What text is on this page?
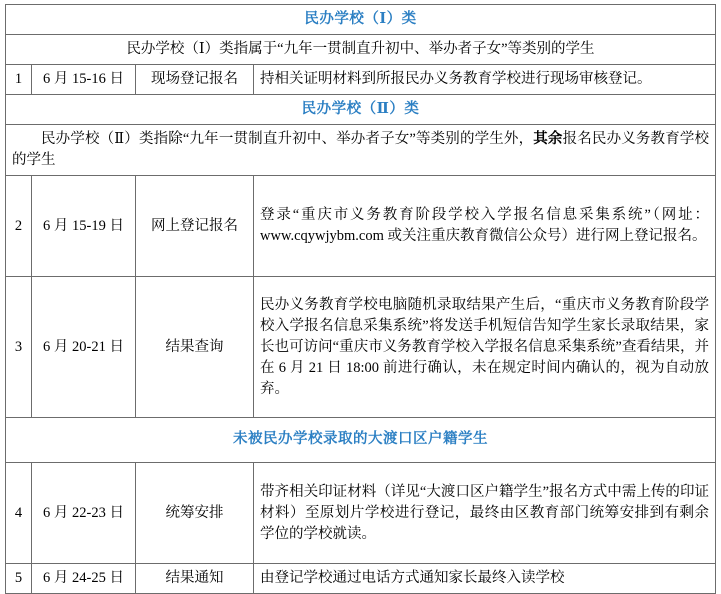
民办学校（Ⅰ）类			
民办学校（Ⅰ）类指属于“九年一贯制直升初中、举办者子女”等类别的学生			
1	6 月 15-16 日	现场登记报名	持相关证明材料到所报民办义务教育学校进行现场审核登记。
民办学校（Ⅱ）类			

民办学校（Ⅱ）类指除“九年一贯制直升初中、举办者子女”等类别的学生外，其余报名民办义务教育学校的学生			

2	6 月 15-19 日	网上登记报名	登录“重庆市义务教育阶段学校入学报名信息采集系统”（网址：www.cqywjybm.com 或关注重庆教育微信公众号）进行网上登记报名。
3	6 月 20-21 日	结果查询	民办义务教育学校电脑随机录取结果产生后，“重庆市义务教育阶段学校入学报名信息采集系统”将发送手机短信告知学生家长录取结果，家长也可访问“重庆市义务教育学校入学报名信息采集系统”查看结果，并在 6 月 21 日 18:00 前进行确认，未在规定时间内确认的，视为自动放弃。
未被民办学校录取的大渡口区户籍学生			
4	6 月 22-23 日	统筹安排	带齐相关印证材料（详见“大渡口区户籍学生”报名方式中需上传的印证材料）至原划片学校进行登记，最终由区教育部门统筹安排到有剩余学位的学校就读。
5	6 月 24-25 日	结果通知	由登记学校通过电话方式通知家长最终入读学校
